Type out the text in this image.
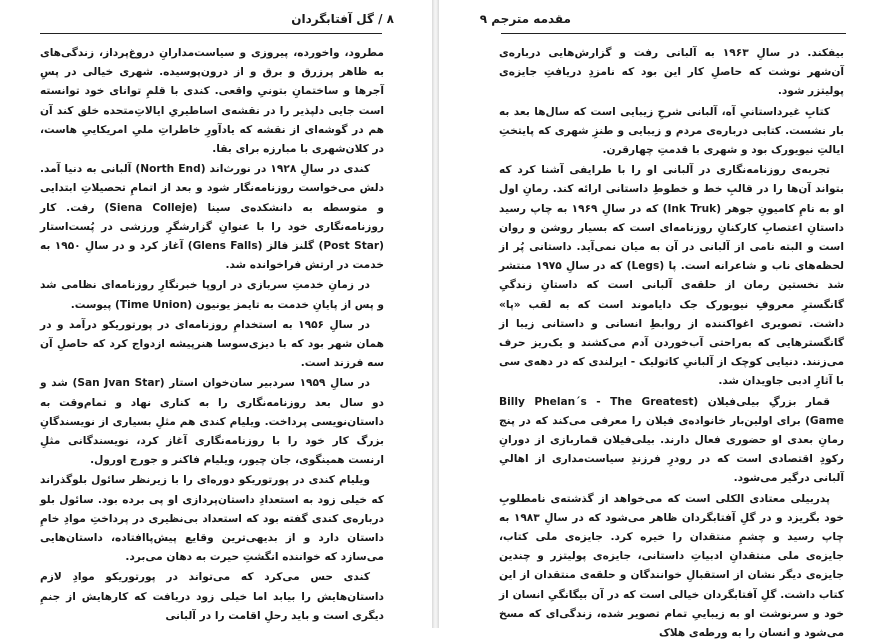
۸ / گل آفتابگردان

مطرود، واخورده، پیروزی و سیاست‌مدارانِ دروغ‌پرداز، زندگی‌های به ظاهر پرزرق و برق و از درون‌پوسیده. شهری خیالی در پسِ آجرها و ساختمانِ بتونیِ واقعی. کندی با قلمِ توانای خود توانسته است جایی دلپذیر را در نقشه‌ی اساطیریِ ایالاتِ‌متحده خلق کند آن هم در گوشه‌ای از نقشه که یادآورِ خاطراتِ ملیِ امریکاییِ هاست، در کلان‌شهری با مبارزه برای بقا.

کندی در سالِ ۱۹۲۸ در نورث‌اند (North End) آلبانی به دنیا آمد. دلش می‌خواست روزنامه‌نگار شود و بعد از اتمامِ تحصیلاتِ ابتدایی و متوسطه به دانشکده‌ی سینا (Siena Colleje) رفت. کار روزنامه‌نگاری خود را با عنوانِ گزارشگرِ ورزشی در پُست‌استار (Post Star) گلنز فالز (Glens Falls) آغاز کرد و در سالِ ۱۹۵۰ به خدمت در ارتش فراخوانده شد.

در زمانِ خدمتِ سربازی در اروپا خبرنگارِ روزنامه‌ای نظامی شد و پس از پایانِ خدمت به تایمز یونیون (Time Union) پیوست.

در سالِ ۱۹۵۶ به استخدامِ روزنامه‌ای در پورتوریکو درآمد و در همان شهر بود که با دیزی‌سوسا هنرپیشه ازدواج کرد که حاصلِ آن سه فرزند است.

در سالِ ۱۹۵۹ سردبیر سان‌خوان استار (San Jvan Star) شد و دو سال بعد روزنامه‌نگاری را به کناری نهاد و تمام‌وقت به داستان‌نویسی پرداخت. ویلیام کندی هم مثلِ بسیاری از نویسندگانِ بزرگ کار خود را با روزنامه‌نگاری آغاز کرد، نویسندگانی مثلِ ارنست همینگوی، جان چیور، ویلیام فاکنر و جورج اورول.

ویلیام کندی در پورتوریکو دوره‌ای را با زیرنظر سائول بلوگذراند که خیلی زود به استعدادِ داستان‌پردازی او پی برده بود. سائول بلو درباره‌ی کندی گفته بود که استعداد بی‌نظیری در پرداختِ موادِ خامِ داستان دارد و از بدیهی‌ترین وقایع پیش‌پاافتاده، داستان‌هایی می‌سازد که خواننده انگشتِ حیرت به دهان می‌برد.

کندی حس می‌کرد که می‌تواند در پورتوریکو موادِ لازم داستان‌هایش را بیابد اما خیلی زود دریافت که کارهایش از جنمِ دیگری است و باید رحلِ اقامت را در آلبانی

مقدمه مترجم ۹

بیفکند. در سالِ ۱۹۶۳ به آلبانی رفت و گزارش‌هایی درباره‌ی آن‌شهر نوشت که حاصلِ کار این بود که نامزدِ دریافتِ جایزه‌ی پولیتزر شود.

کتابِ غیرداستانیِ آه، آلبانی شرحِ زیبایی است که سال‌ها بعد به بار نشست. کتابی درباره‌ی مردم و زیبایی و طنزِ شهری که پایتختِ ایالتِ نیویورک بود و شهری با قدمتِ چهارقرن.

تجربه‌ی روزنامه‌نگاری در آلبانی او را با طرایفی آشنا کرد که بتواند آن‌ها را در قالبِ خط و خطوطِ داستانی ارائه کند. رمانِ اول او به نامِ کامیونِ جوهر (Ink Truk) که در سالِ ۱۹۶۹ به چاپ رسید داستانِ اعتصابِ کارکنانِ روزنامه‌ای است که بسیار روشن و روان است و البته نامی از آلبانی در آن به میان نمی‌آید. داستانی پُر از لحظه‌های ناب و شاعرانه است. پا (Legs) که در سالِ ۱۹۷۵ منتشر شد نخستین رمان از حلقه‌ی آلبانی است که داستانِ زندگیِ گانگسترِ معروفِ نیویورک جک دایاموند است که به لقب «پا» داشت. تصویری اغوا‌کننده از روابطِ انسانی و داستانی زیبا از گانگسترهایی که به‌راحتی آب‌خوردن آدم می‌کشند و یک‌ریز حرف می‌زنند. دنیایی کوچک از آلبانیِ کاتولیک - ایرلندی که در دهه‌ی سی با آثارِ ادبی جاویدان شد.

قمار بزرگِ بیلی‌فیلان (Billy Phelan´s - The Greatest Game) برای اولین‌بار خانواده‌ی فیلان را معرفی می‌کند که در پنج رمانِ بعدی او حضوری فعال دارند. بیلی‌فیلان قماربازی از دورانِ رکودِ اقتصادی است که در رو‌درِ فرزندِ سیاست‌مداری از اهالیِ آلبانی درگیر می‌شود.

پدربیلی معتادی الکلی است که می‌خواهد از گذشته‌ی نامطلوبِ خود بگریزد و در گلِ آفتابگردان ظاهر می‌شود که در سالِ ۱۹۸۳ به چاپ رسید و چشمِ منتقدان را خیره کرد. جایزه‌ی ملی کتاب، جایزه‌ی ملی منتقدانِ ادبیاتِ داستانی، جایزه‌ی پولیتزر و چندین جایزه‌ی دیگر نشان از استقبالِ خوانندگان و حلقه‌ی منتقدان از این کتاب داشت. گلِ آفتابگردان خیالی است که در آن بیگانگیِ انسان از خود و سرنوشت او به زیباییِ تمام تصویر شده، زندگی‌ای که مسخ می‌شود و انسان را به ورطه‌ی هلاک
